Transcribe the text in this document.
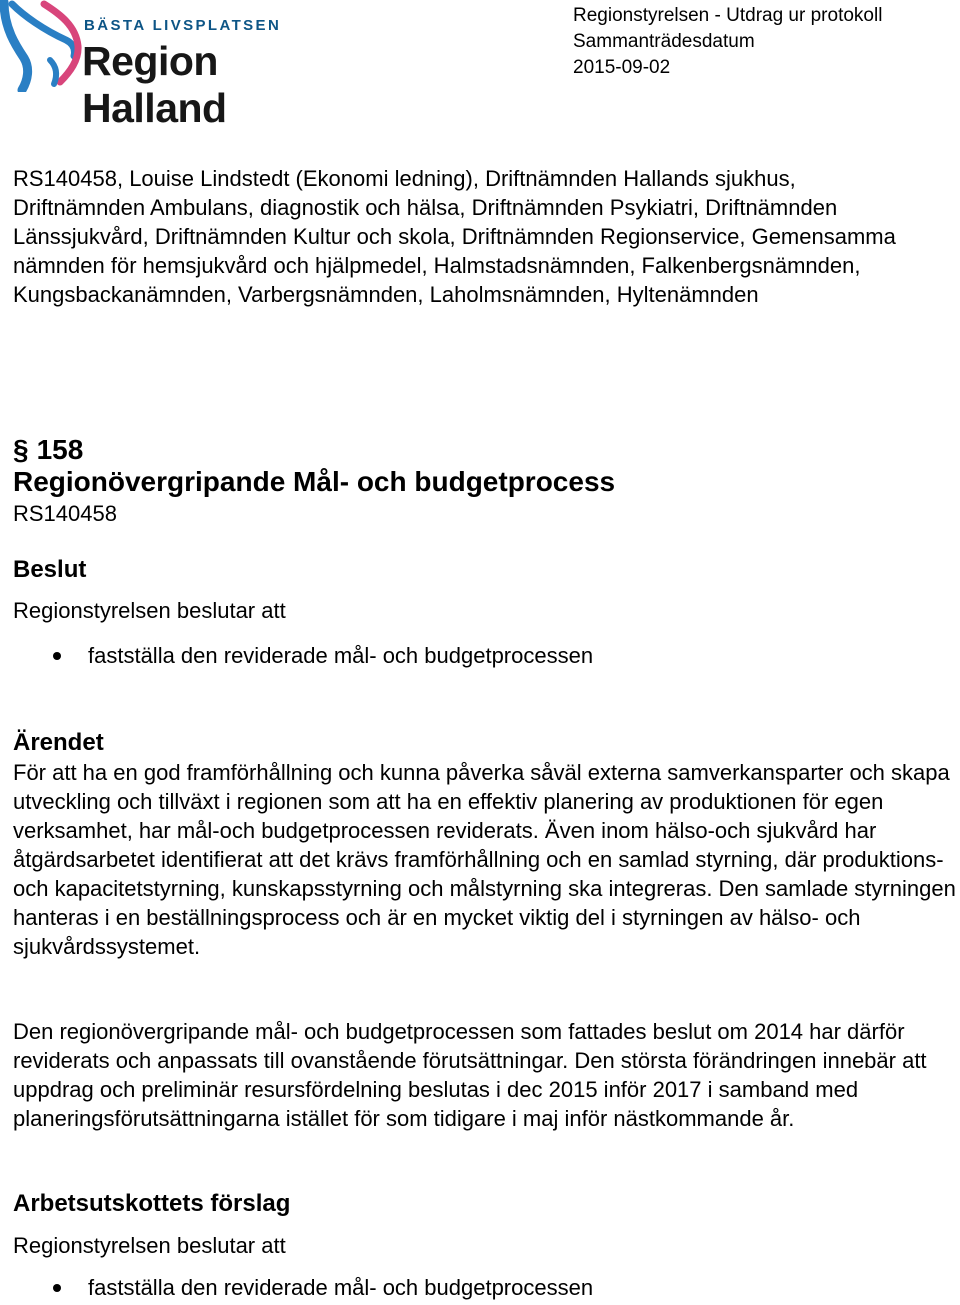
BÄSTA LIVSPLATSEN
Region Halland
Regionstyrelsen - Utdrag ur protokoll
Sammanträdesdatum
2015-09-02
RS140458, Louise Lindstedt (Ekonomi ledning), Driftnämnden Hallands sjukhus, Driftnämnden Ambulans, diagnostik och hälsa, Driftnämnden Psykiatri, Driftnämnden Länssjukvård, Driftnämnden Kultur och skola, Driftnämnden Regionservice, Gemensamma nämnden för hemsjukvård och hjälpmedel, Halmstadsnämnden, Falkenbergsnämnden, Kungsbackanämnden, Varbergsnämnden, Laholmsnämnden, Hyltenämnden
§ 158
Regionövergripande Mål- och budgetprocess
RS140458
Beslut
Regionstyrelsen beslutar att
fastställa den reviderade mål- och budgetprocessen
Ärendet
För att ha en god framförhållning och kunna påverka såväl externa samverkansparter och skapa utveckling och tillväxt i regionen som att ha en effektiv planering av produktionen för egen verksamhet, har mål-och budgetprocessen reviderats. Även inom hälso-och sjukvård har åtgärdsarbetet identifierat att det krävs framförhållning och en samlad styrning, där produktions- och kapacitetstyrning, kunskapsstyrning och målstyrning ska integreras. Den samlade styrningen hanteras i en beställningsprocess och är en mycket viktig del i styrningen av hälso- och sjukvårdssystemet.
Den regionövergripande mål- och budgetprocessen som fattades beslut om 2014 har därför reviderats och anpassats till ovanstående förutsättningar. Den största förändringen innebär att uppdrag och preliminär resursfördelning beslutas i dec 2015 inför 2017 i samband med planeringsförutsättningarna istället för som tidigare i maj inför nästkommande år.
Arbetsutskottets förslag
Regionstyrelsen beslutar att
fastställa den reviderade mål- och budgetprocessen
